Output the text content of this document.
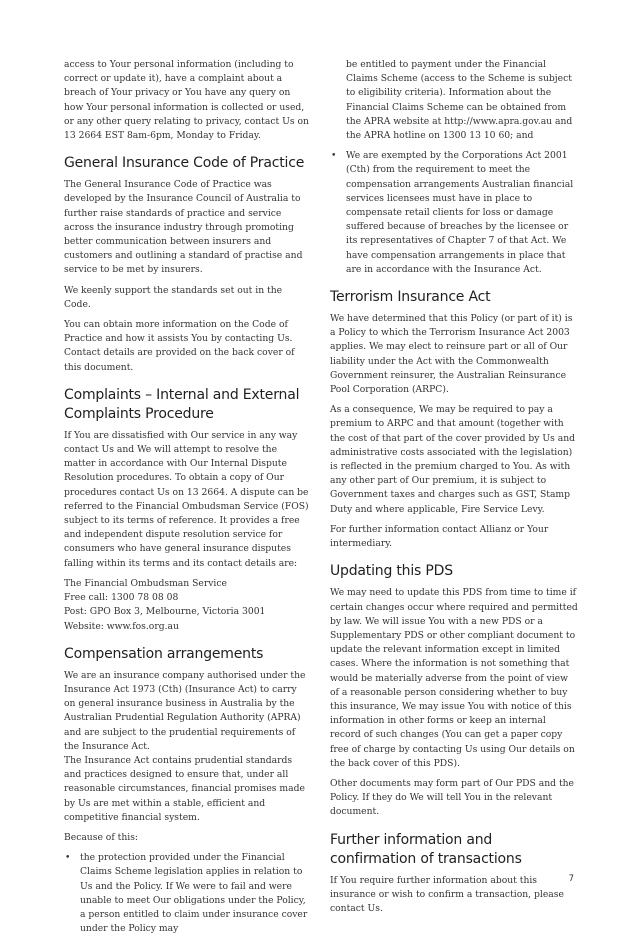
access to Your personal information (including to correct or update it), have a complaint about a breach of Your privacy or You have any query on how Your personal information is collected or used, or any other query relating to privacy, contact Us on 13 2664 EST 8am-6pm, Monday to Friday.

General Insurance Code of Practice

The General Insurance Code of Practice was developed by the Insurance Council of Australia to further raise standards of practice and service across the insurance industry through promoting better communication between insurers and customers and outlining a standard of practise and service to be met by insurers.

We keenly support the standards set out in the Code.

You can obtain more information on the Code of Practice and how it assists You by contacting Us. Contact details are provided on the back cover of this document.

Complaints – Internal and External Complaints Procedure

If You are dissatisfied with Our service in any way contact Us and We will attempt to resolve the matter in accordance with Our Internal Dispute Resolution procedures. To obtain a copy of Our procedures contact Us on 13 2664. A dispute can be referred to the Financial Ombudsman Service (FOS) subject to its terms of reference. It provides a free and independent dispute resolution service for consumers who have general insurance disputes falling within its terms and its contact details are:

The Financial Ombudsman Service

Free call: 1300 78 08 08

Post: GPO Box 3, Melbourne, Victoria 3001

Website: www.fos.org.au

Compensation arrangements

We are an insurance company authorised under the Insurance Act 1973 (Cth) (Insurance Act) to carry on general insurance business in Australia by the Australian Prudential Regulation Authority (APRA) and are subject to the prudential requirements of the Insurance Act.

The Insurance Act contains prudential standards and practices designed to ensure that, under all reasonable circumstances, financial promises made by Us are met within a stable, efficient and competitive financial system.

Because of this:

• the protection provided under the Financial Claims Scheme legislation applies in relation to Us and the Policy. If We were to fail and were unable to meet Our obligations under the Policy, a person entitled to claim under insurance cover under the Policy may
be entitled to payment under the Financial Claims Scheme (access to the Scheme is subject to eligibility criteria). Information about the Financial Claims Scheme can be obtained from the APRA website at http://www.apra.gov.au and the APRA hotline on 1300 13 10 60; and
• We are exempted by the Corporations Act 2001 (Cth) from the requirement to meet the compensation arrangements Australian financial services licensees must have in place to compensate retail clients for loss or damage suffered because of breaches by the licensee or its representatives of Chapter 7 of that Act. We have compensation arrangements in place that are in accordance with the Insurance Act.
Terrorism Insurance Act

We have determined that this Policy (or part of it) is a Policy to which the Terrorism Insurance Act 2003 applies. We may elect to reinsure part or all of Our liability under the Act with the Commonwealth Government reinsurer, the Australian Reinsurance Pool Corporation (ARPC).

As a consequence, We may be required to pay a premium to ARPC and that amount (together with the cost of that part of the cover provided by Us and administrative costs associated with the legislation) is reflected in the premium charged to You. As with any other part of Our premium, it is subject to Government taxes and charges such as GST, Stamp Duty and where applicable, Fire Service Levy.

For further information contact Allianz or Your intermediary.

Updating this PDS

We may need to update this PDS from time to time if certain changes occur where required and permitted by law. We will issue You with a new PDS or a Supplementary PDS or other compliant document to update the relevant information except in limited cases. Where the information is not something that would be materially adverse from the point of view of a reasonable person considering whether to buy this insurance, We may issue You with notice of this information in other forms or keep an internal record of such changes (You can get a paper copy free of charge by contacting Us using Our details on the back cover of this PDS).

Other documents may form part of Our PDS and the Policy. If they do We will tell You in the relevant document.

Further information and confirmation of transactions

If You require further information about this insurance or wish to confirm a transaction, please contact Us.

7
